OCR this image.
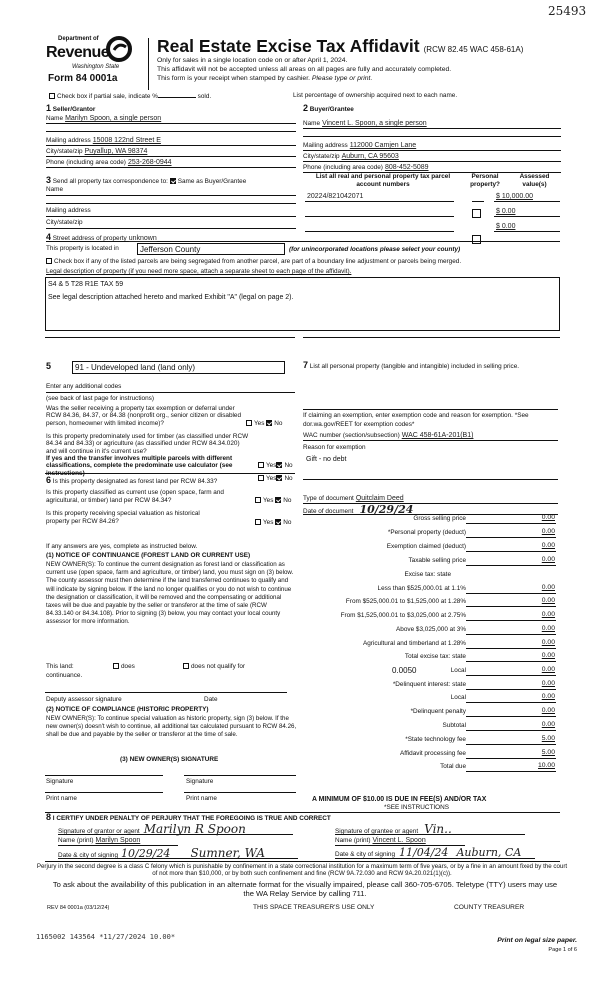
25493
Department of
Revenue
Washington State
Form 84 0001a
Real Estate Excise Tax Affidavit (RCW 82.45 WAC 458-61A)
Only for sales in a single location code on or after April 1, 2024.
This affidavit will not be accepted unless all areas on all pages are fully and accurately completed.
This form is your receipt when stamped by cashier. Please type or print.
Check box if partial sale, indicate %	sold.	List percentage of ownership acquired next to each name.
1 Seller/Grantor
Name Marilyn Spoon, a single person
Mailing address 15008 122nd Street E
City/state/zip Puyallup, WA 98374
Phone (including area code) 253-268-0944
2 Buyer/Grantee
Name Vincent L. Spoon, a single person
Mailing address 112000 Camjen Lane
City/state/zip Auburn, CA 95603
Phone (including area code) 808-452-5089
3 Send all property tax correspondence to: Same as Buyer/Grantee
Name
Mailing address
City/state/zip
List all real and personal property tax parcel account numbers
Personal property?
Assessed value(s)
20224/821042071	$ 10,000.00
$ 0.00
$ 0.00
4 Street address of property unknown
This property is located in	Jefferson County	(for unincorporated locations please select your county)
Check box if any of the listed parcels are being segregated from another parcel, are part of a boundary line adjustment or parcels being merged.
Legal description of property (if you need more space, attach a separate sheet to each page of the affidavit).
S4 & 5 T28 R1E TAX 59
See legal description attached hereto and marked Exhibit "A" (legal on page 2).
5	91 - Undeveloped land (land only)
Enter any additional codes
(see back of last page for instructions)

Was the seller receiving a property tax exemption or deferral under RCW 84.36, 84.37, or 84.38 (nonprofit org., senior citizen or disabled person, homeowner with limited income)?	Yes No

Is this property predominately used for timber (as classified under RCW 84.34 and 84.33) or agriculture (as classified under RCW 84.34.020) and will continue in it's current use?

If yes and the transfer involves multiple parcels with different classifications, complete the predominate use calculator (see instructions)

Yes No
6 Is this property designated as forest land per RCW 84.33?	Yes No

Is this property classified as current use (open space, farm and agricultural, or timber) land per RCW 84.34?	Yes No

Is this property receiving special valuation as historical property per RCW 84.26?	Yes No
If any answers are yes, complete as instructed below.
(1) NOTICE OF CONTINUANCE (FOREST LAND OR CURRENT USE)

NEW OWNER(S): To continue the current designation as forest land or classification as current use (open space, farm and agriculture, or timber) land, you must sign on (3) below. The county assessor must then determine if the land transferred continues to qualify and will indicate by signing below. If the land no longer qualifies or you do not wish to continue the designation or classification, it will be removed and the compensating or additional taxes will be due and payable by the seller or transferor at the time of sale (RCW 84.33.140 or 84.34.108). Prior to signing (3) below, you may contact your local county assessor for more information.

This land:	does	does not qualify for
continuance.
Deputy assessor signature	Date
(2) NOTICE OF COMPLIANCE (HISTORIC PROPERTY)

NEW OWNER(S): To continue special valuation as historic property, sign (3) below. If the new owner(s) doesn't wish to continue, all additional tax calculated pursuant to RCW 84.26, shall be due and payable by the seller or transferor at the time of sale.

(3) NEW OWNER(S) SIGNATURE
Signature	Signature
Print name	Print name

7 List all personal property (tangible and intangible) included in selling price.

If claiming an exemption, enter exemption code and reason for exemption. *See dor.wa.gov/REET for exemption codes*

WAC number (section/subsection) WAC 458-61A-201(B1)
Reason for exemption
Gift - no debt
Type of document Quitclaim Deed
Date of document 10/29/24
Gross selling price	0.00
*Personal property (deduct)	0.00
Exemption claimed (deduct)	0.00
Taxable selling price	0.00
Excise tax: state
Less than $525,000.01 at 1.1%	0.00
From $525,000.01 to $1,525,000 at 1.28%	0.00
From $1,525,000.01 to $3,025,000 at 2.75%	0.00
Above $3,025,000 at 3%	0.00
Agricultural and timberland at 1.28%	0.00
Total excise tax: state	0.00
Local
0.0050	0.00
*Delinquent interest: state	0.00
Local	0.00
*Delinquent penalty	0.00
Subtotal	0.00
*State technology fee	5.00
Affidavit processing fee	5.00
Total due	10.00
A MINIMUM OF $10.00 IS DUE IN FEE(S) AND/OR TAX
*SEE INSTRUCTIONS
8 I CERTIFY UNDER PENALTY OF PERJURY THAT THE FOREGOING IS TRUE AND CORRECT
Signature of grantor or agent Marilyn R Spoon
Name (print) Marilyn Spoon
Date & city of signing 10/29/24 Sumner, WA
Signature of grantee or agent Vin..
Name (print) Vincent L. Spoon
Date & city of signing 11/04/24 Auburn, CA

Perjury in the second degree is a class C felony which is punishable by confinement in a state correctional institution for a maximum term of five years, or by a fine in an amount fixed by the court of not more than $10,000, or by both such confinement and fine (RCW 9A.72.030 and RCW 9A.20.021(1)(c)).

To ask about the availability of this publication in an alternate format for the visually impaired, please call 360-705-6705. Teletype (TTY) users may use the WA Relay Service by calling 711.

REV 84 0001a (03/12/24)	THIS SPACE TREASURER'S USE ONLY	COUNTY TREASURER
1165002 143564 *11/27/2024 10.00*	Print on legal size paper.
Page 1 of 6
